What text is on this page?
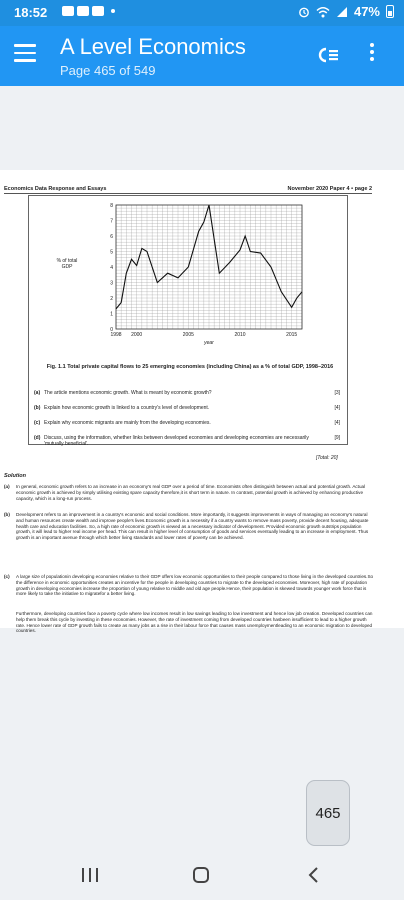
18:52	47%
A Level Economics
Page 465 of 549
Economics Data Response and Essays	November 2020 Paper 4 • page 2
% of total GDP
0
1
2
3
4
5
6
7
8
1998 2000	2005	2010	2015
year
Fig. 1.1 Total private capital flows to 25 emerging economies (including China) as a % of total GDP, 1998–2016
(a) The article mentions economic growth. What is meant by economic growth?	[3]
(b) Explain how economic growth is linked to a country's level of development.	[4]
(c) Explain why economic migrants are mainly from the developing economies.	[4]
(d) Discuss, using the information, whether links between developed economies and developing economies are necessarily 'mutually beneficial'.
[9]
[Total: 20]
Solution
(a)	In general, economic growth refers to an increase in an economy's real GDP over a period of time. Economists often distinguish between actual and potential growth. Actual economic growth is achieved by simply utilising existing spare capacity therefore,it is short term in nature. In contrast, potential growth is achieved by enhancing productive capacity, which is a long-run process.
(b)	Development refers to an improvement in a country's economic and social conditions. More importantly, it suggests improvements in ways of managing an economy's natural and human resources create wealth and improve people's lives.Economic growth is a necessity if a country wants to remove mass poverty, provide decent housing, adequate health care and education facilities. So, a high rate of economic growth is viewed as a necessary indicator of development. Provided economic growth outstrips population growth, it will lead to higher real income per head. This can result in higher level of consumption of goods and services eventually leading to an increase in employment. Thus growth is an important avenue through which better living standards and lower rates of poverty can be achieved.
(c)	A large size of populationin developing economies relative to their GDP offers low economic opportunities to their people compared to those living in the developed countries.So the difference in economic opportunities creates an incentive for the people in developing countries to migrate to the developed economies. Moreover, high rate of population growth in developing economies increase the proportion of young relative to middle and old age people.Hence, their population is skewed towards younger work force that is more likely to take the initiative to migratefor a better living.
Furthermore, developing countries face a poverty cycle where low incomes result in low savings leading to low investment and hence low job creation. Developed countries can help them break this cycle by investing in these economies. However, the rate of investment coming from developed countries hasbeen insufficient to lead to a higher growth rate. Hence lower rate of GDP growth fails to create as many jobs as a rise in their labour force that causes mass unemploymentleading to an economic migration to developed countries.
465
